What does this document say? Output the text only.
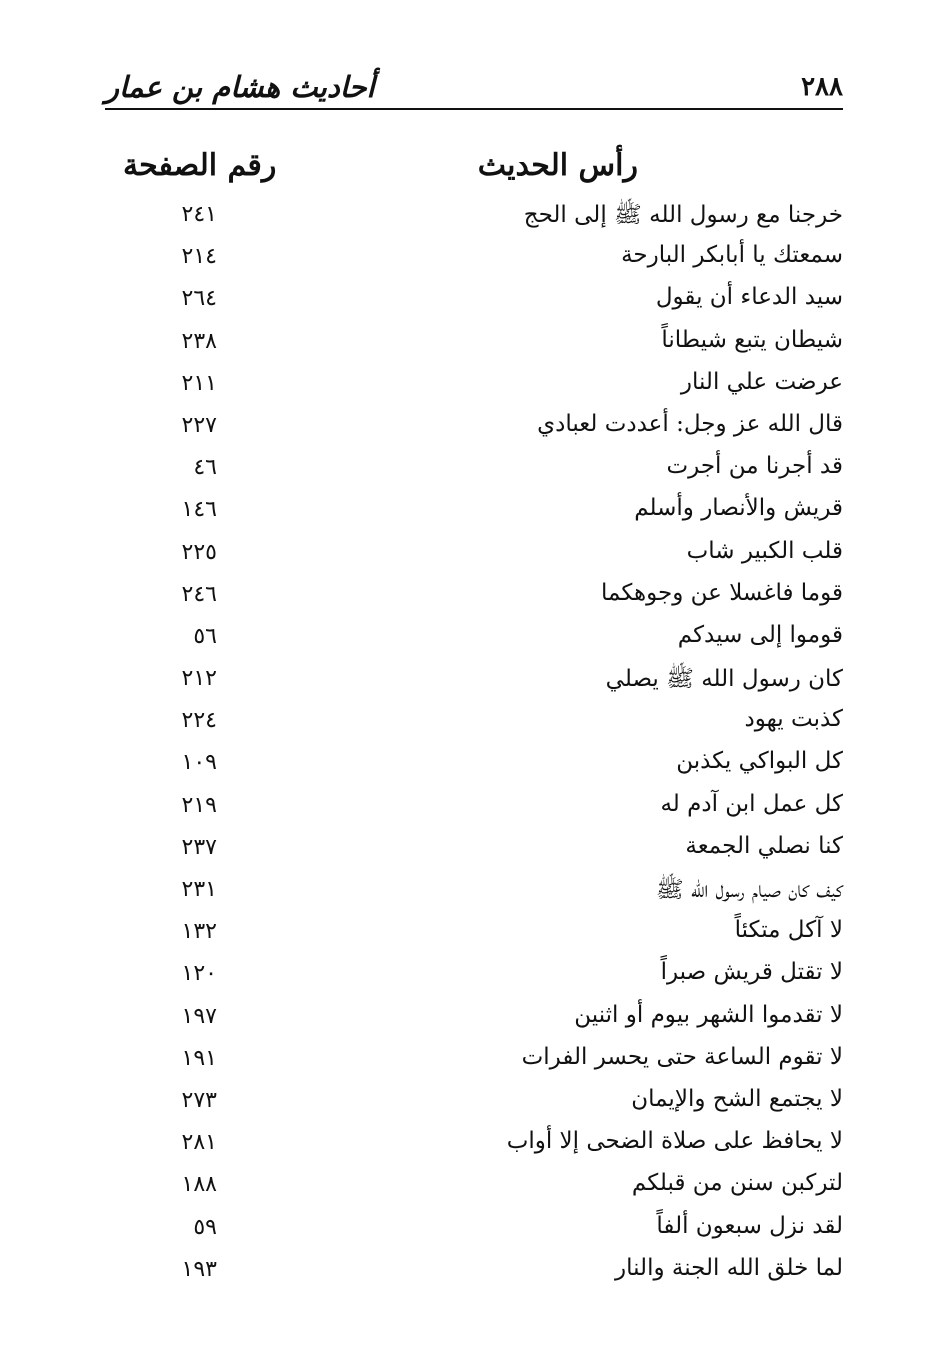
٢٨٨
أحاديث هشام بن عمار
رأس الحديث
رقم الصفحة
خرجنا مع رسول الله ﷺ إلى الحج
٢٤١
سمعتك يا أبابكر البارحة
٢١٤
سيد الدعاء أن يقول
٢٦٤
شيطان يتبع شيطاناً
٢٣٨
عرضت علي النار
٢١١
قال الله عز وجل: أعددت لعبادي
٢٢٧
قد أجرنا من أجرت
٤٦
قريش والأنصار وأسلم
١٤٦
قلب الكبير شاب
٢٢٥
قوما فاغسلا عن وجوهكما
٢٤٦
قوموا إلى سيدكم
٥٦
كان رسول الله ﷺ يصلي
٢١٢
كذبت يهود
٢٢٤
كل البواكي يكذبن
١٠٩
كل عمل ابن آدم له
٢١٩
كنا نصلي الجمعة
٢٣٧
كيف كان صيام رسول الله ﷺ
٢٣١
لا آكل متكئاً
١٣٢
لا تقتل قريش صبراً
١٢٠
لا تقدموا الشهر بيوم أو اثنين
١٩٧
لا تقوم الساعة حتى يحسر الفرات
١٩١
لا يجتمع الشح والإيمان
٢٧٣
لا يحافظ على صلاة الضحى إلا أواب
٢٨١
لتركبن سنن من قبلكم
١٨٨
لقد نزل سبعون ألفاً
٥٩
لما خلق الله الجنة والنار
١٩٣
